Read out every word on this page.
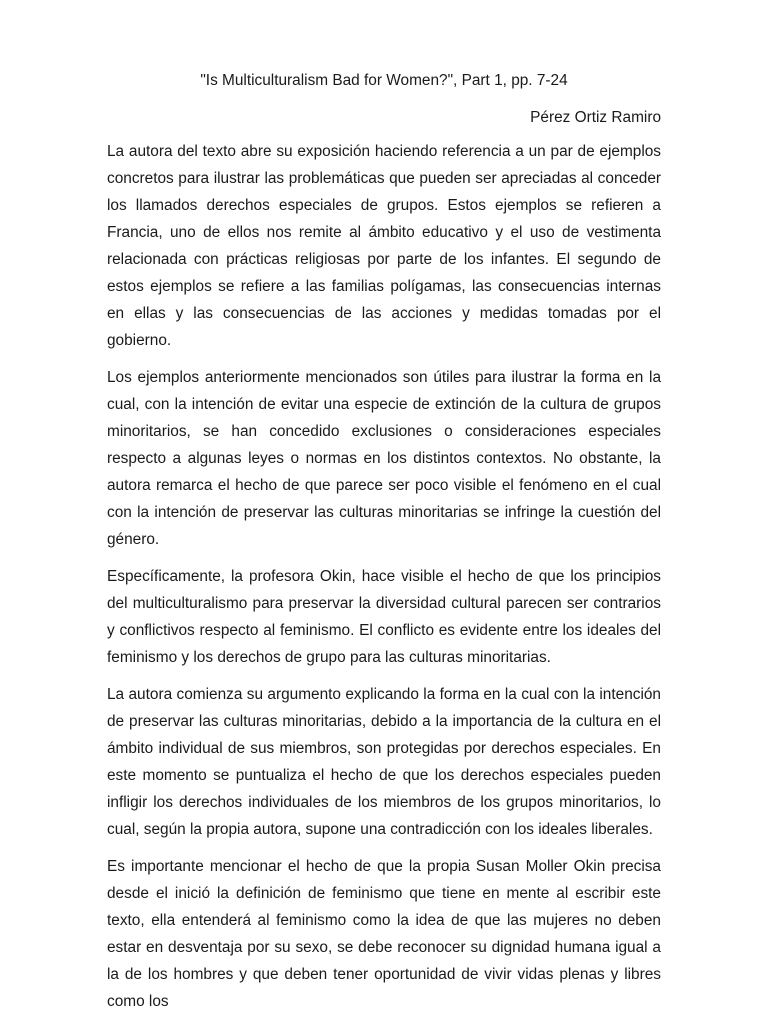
"Is Multiculturalism Bad for Women?", Part 1, pp. 7-24

Pérez Ortiz Ramiro

La autora del texto abre su exposición haciendo referencia a un par de ejemplos concretos para ilustrar las problemáticas que pueden ser apreciadas al conceder los llamados derechos especiales de grupos. Estos ejemplos se refieren a Francia, uno de ellos nos remite al ámbito educativo y el uso de vestimenta relacionada con prácticas religiosas por parte de los infantes. El segundo de estos ejemplos se refiere a las familias polígamas, las consecuencias internas en ellas y las consecuencias de las acciones y medidas tomadas por el gobierno.

Los ejemplos anteriormente mencionados son útiles para ilustrar la forma en la cual, con la intención de evitar una especie de extinción de la cultura de grupos minoritarios, se han concedido exclusiones o consideraciones especiales respecto a algunas leyes o normas en los distintos contextos. No obstante, la autora remarca el hecho de que parece ser poco visible el fenómeno en el cual con la intención de preservar las culturas minoritarias se infringe la cuestión del género.

Específicamente, la profesora Okin, hace visible el hecho de que los principios del multiculturalismo para preservar la diversidad cultural parecen ser contrarios y conflictivos respecto al feminismo. El conflicto es evidente entre los ideales del feminismo y los derechos de grupo para las culturas minoritarias.

La autora comienza su argumento explicando la forma en la cual con la intención de preservar las culturas minoritarias, debido a la importancia de la cultura en el ámbito individual de sus miembros, son protegidas por derechos especiales. En este momento se puntualiza el hecho de que los derechos especiales pueden infligir los derechos individuales de los miembros de los grupos minoritarios, lo cual, según la propia autora, supone una contradicción con los ideales liberales.

Es importante mencionar el hecho de que la propia Susan Moller Okin precisa desde el inició la definición de feminismo que tiene en mente al escribir este texto, ella entenderá al feminismo como la idea de que las mujeres no deben estar en desventaja por su sexo, se debe reconocer su dignidad humana igual a la de los hombres y que deben tener oportunidad de vivir vidas plenas y libres como los
